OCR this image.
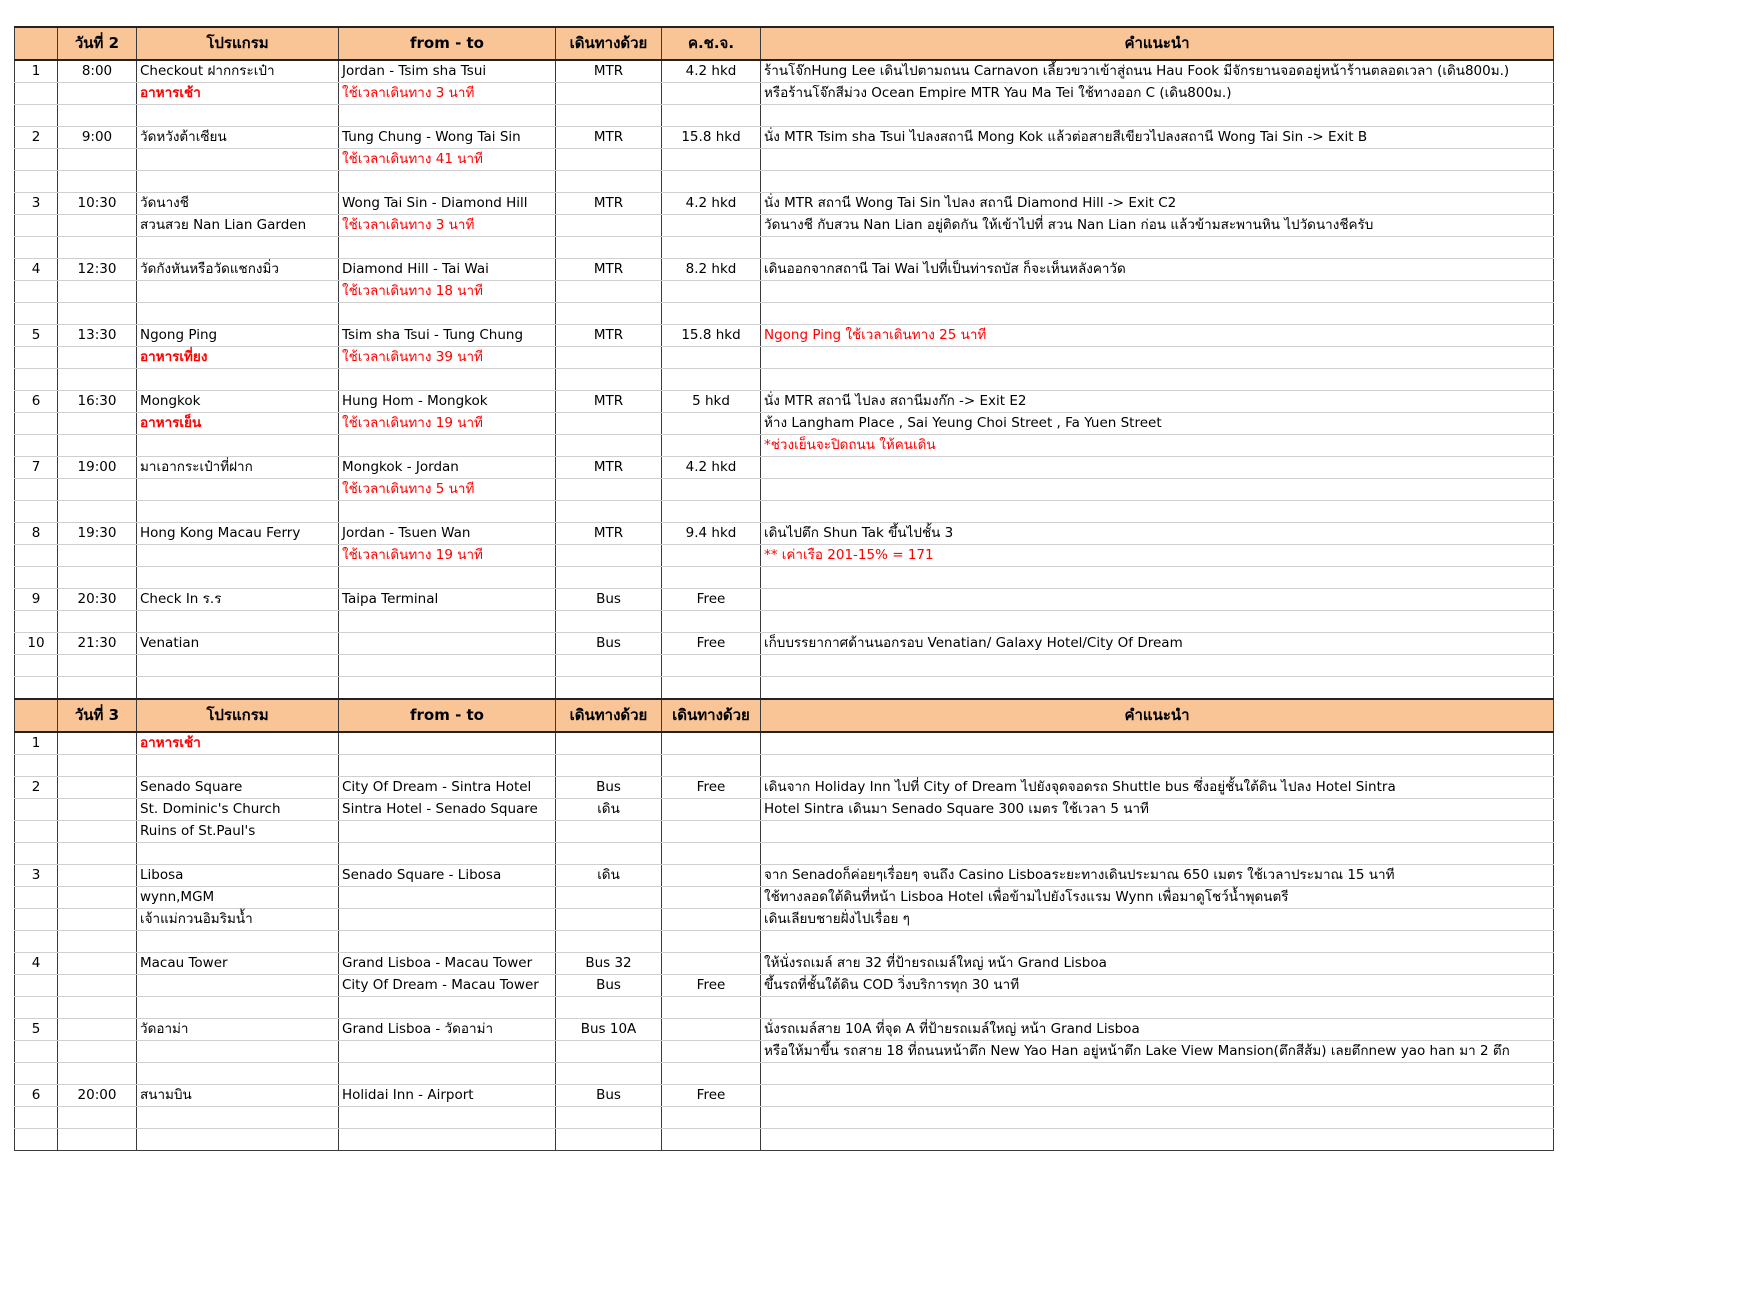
	วันที่ 2	โปรแกรม	from - to	เดินทางด้วย	ค.ช.จ.	คำแนะนำ
1	8:00	Checkout ฝากกระเป๋า	Jordan - Tsim sha Tsui	MTR	4.2 hkd	ร้านโจ๊กHung Lee เดินไปตามถนน Carnavon เลี้ยวขวาเข้าสู่ถนน Hau Fook มีจักรยานจอดอยู่หน้าร้านตลอดเวลา (เดิน800ม.)
		อาหารเช้า	ใช้เวลาเดินทาง 3 นาที			หรือร้านโจ๊กสีม่วง Ocean Empire MTR Yau Ma Tei ใช้ทางออก C (เดิน800ม.)

2	9:00	วัดหวังต้าเซียน	Tung Chung - Wong Tai Sin	MTR	15.8 hkd	นั่ง MTR Tsim sha Tsui ไปลงสถานี Mong Kok แล้วต่อสายสีเขียวไปลงสถานี Wong Tai Sin -> Exit B
			ใช้เวลาเดินทาง 41 นาที			

3	10:30	วัดนางชี	Wong Tai Sin - Diamond Hill	MTR	4.2 hkd	นั่ง MTR สถานี Wong Tai Sin ไปลง สถานี Diamond Hill -> Exit C2
		สวนสวย Nan Lian Garden	ใช้เวลาเดินทาง 3 นาที			วัดนางชี กับสวน Nan Lian อยู่ติดกัน ให้เข้าไปที่ สวน Nan Lian ก่อน แล้วข้ามสะพานหิน ไปวัดนางชีครับ

4	12:30	วัดกังหันหรือวัดแชกงมิ่ว	Diamond Hill - Tai Wai	MTR	8.2 hkd	เดินออกจากสถานี Tai Wai ไปที่เป็นท่ารถบัส ก็จะเห็นหลังคาวัด
			ใช้เวลาเดินทาง 18 นาที			

5	13:30	Ngong Ping	Tsim sha Tsui - Tung Chung	MTR	15.8 hkd	Ngong Ping ใช้เวลาเดินทาง 25 นาที
		อาหารเที่ยง	ใช้เวลาเดินทาง 39 นาที			

6	16:30	Mongkok	Hung Hom - Mongkok	MTR	5 hkd	นั่ง MTR สถานี ไปลง สถานีมงก๊ก -> Exit E2
		อาหารเย็น	ใช้เวลาเดินทาง 19 นาที			ห้าง Langham Place , Sai Yeung Choi Street , Fa Yuen Street
						*ช่วงเย็นจะปิดถนน ให้คนเดิน
7	19:00	มาเอากระเป๋าที่ฝาก	Mongkok - Jordan	MTR	4.2 hkd	
			ใช้เวลาเดินทาง 5 นาที			

8	19:30	Hong Kong Macau Ferry	Jordan - Tsuen Wan	MTR	9.4 hkd	เดินไปตึก Shun Tak ขึ้นไปชั้น 3
			ใช้เวลาเดินทาง 19 นาที			** เค่าเรือ 201-15% = 171

9	20:30	Check In ร.ร	Taipa Terminal	Bus	Free	

10	21:30	Venatian		Bus	Free	เก็บบรรยากาศด้านนอกรอบ Venatian/ Galaxy Hotel/City Of Dream

	วันที่ 3	โปรแกรม	from - to	เดินทางด้วย	เดินทางด้วย	คำแนะนำ
1		อาหารเช้า				

2		Senado Square	City Of Dream - Sintra Hotel	Bus	Free	เดินจาก Holiday Inn ไปที่ City of Dream ไปยังจุดจอดรถ Shuttle bus ซึ่งอยู่ชั้นใต้ดิน ไปลง Hotel Sintra
		St. Dominic's Church	Sintra Hotel - Senado Square	เดิน		Hotel Sintra เดินมา Senado Square 300 เมตร ใช้เวลา 5 นาที
		Ruins of St.Paul's				

3		Libosa	Senado Square - Libosa	เดิน		จาก Senadoก็ค่อยๆเรื่อยๆ จนถึง Casino Lisboaระยะทางเดินประมาณ 650 เมตร ใช้เวลาประมาณ 15 นาที
		wynn,MGM				ใช้ทางลอดใต้ดินที่หน้า Lisboa Hotel เพื่อข้ามไปยังโรงแรม Wynn เพื่อมาดูโชว์น้ำพุดนตรี
		เจ้าแม่กวนอิมริมน้ำ				เดินเลียบชายฝั่งไปเรื่อย ๆ

4		Macau Tower	Grand Lisboa - Macau Tower	Bus 32		ให้นั่งรถเมล์ สาย 32 ที่ป้ายรถเมล์ใหญ่ หน้า Grand Lisboa
			City Of Dream - Macau Tower	Bus	Free	ขึ้นรถที่ชั้นใต้ดิน COD วิ่งบริการทุก 30 นาที

5		วัดอาม่า	Grand Lisboa - วัดอาม่า	Bus 10A		นั่งรถเมล์สาย 10A ที่จุด A ที่ป้ายรถเมล์ใหญ่ หน้า Grand Lisboa
						หรือให้มาขึ้น รถสาย 18 ที่ถนนหน้าตึก New Yao Han อยู่หน้าตึก Lake View Mansion(ตึกสีส้ม) เลยตึกnew yao han มา 2 ตึก

6	20:00	สนามบิน	Holidai Inn - Airport	Bus	Free	
